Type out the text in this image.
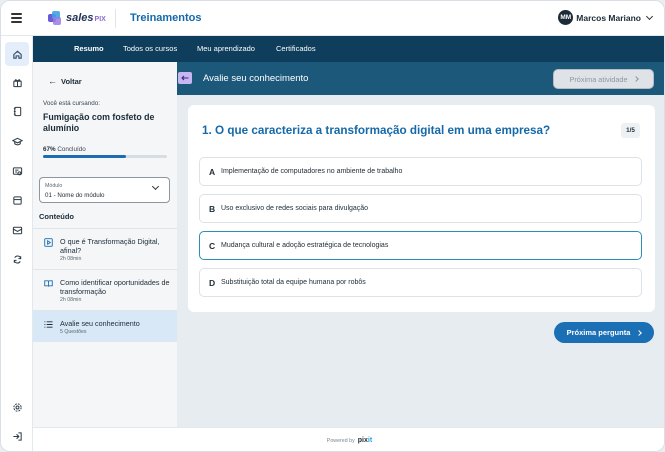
salesPIX Treinamentos	MM Marcos Mariano
Resumo	Todos os cursos	Meu aprendizado	Certificados
← Voltar
Você está cursando:
Fumigação com fosfeto de alumínio
67% Concluído
Módulo
01 - Nome do módulo
Conteúdo
O que é Transformação Digital, afinal?
2h 08min
Como identificar oportunidades de transformação
2h 08min
Avalie seu conhecimento
5 Questões
Avalie seu conhecimento	Próxima atividade
1. O que caracteriza a transformação digital em uma empresa?	1/5
A Implementação de computadores no ambiente de trabalho
B Uso exclusivo de redes sociais para divulgação
C Mudança cultural e adoção estratégica de tecnologias
D Substituição total da equipe humana por robôs
Próxima pergunta
Powered by pixit
